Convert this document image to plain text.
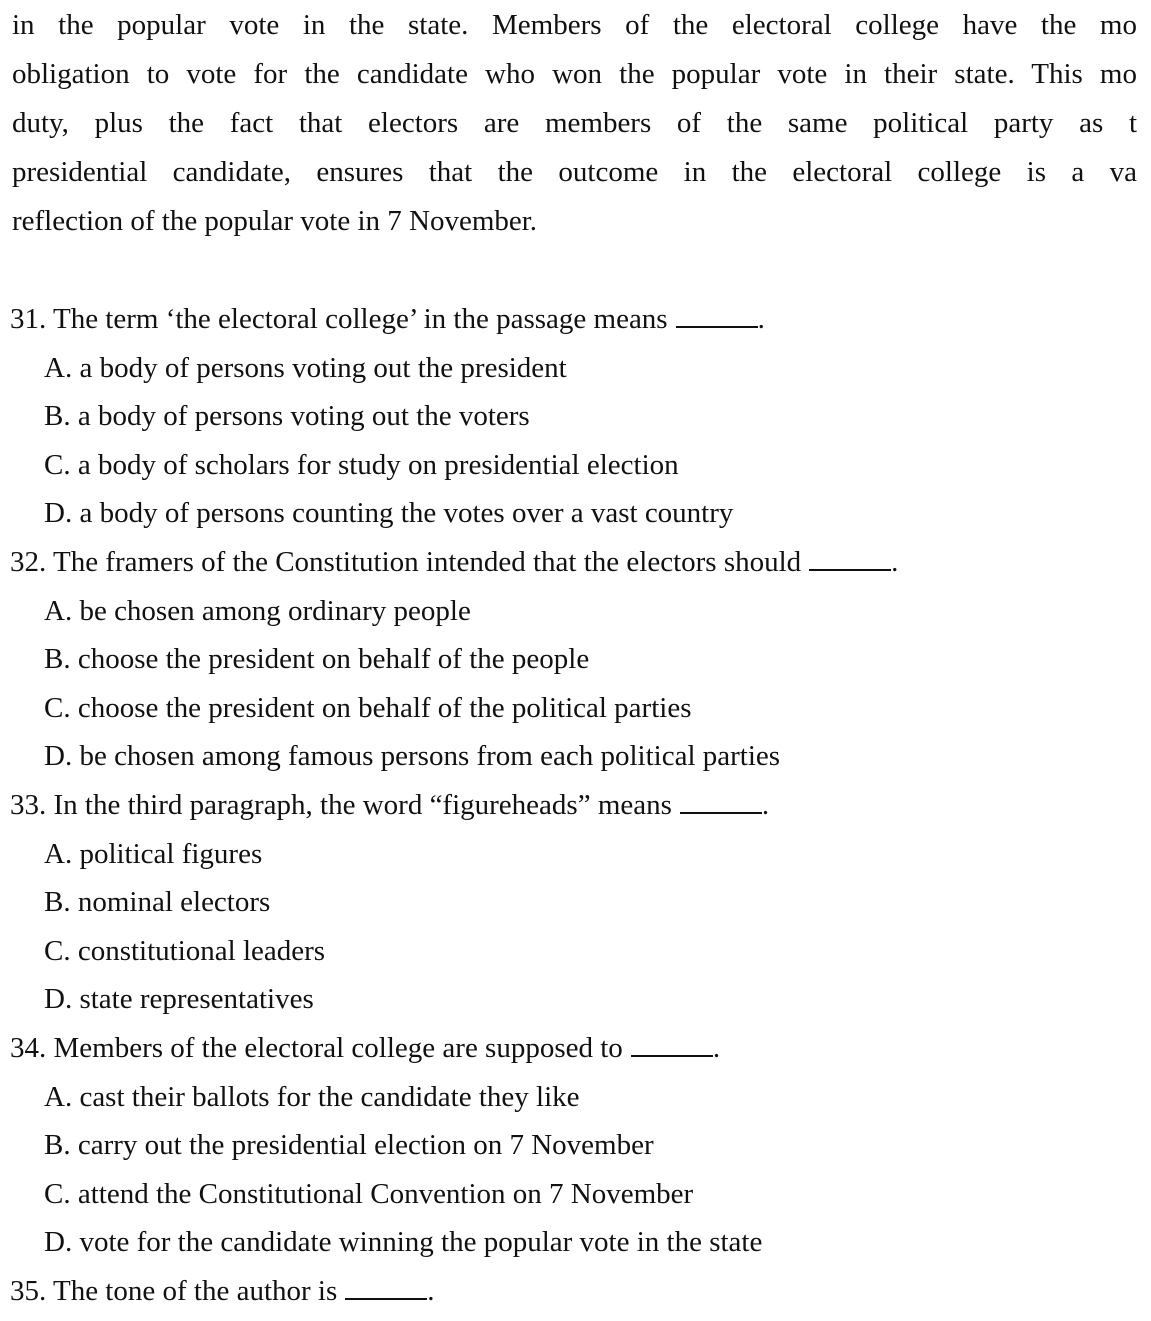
in the popular vote in the state. Members of the electoral college have the mo
obligation to vote for the candidate who won the popular vote in their state. This mo
duty, plus the fact that electors are members of the same political party as t
presidential candidate, ensures that the outcome in the electoral college is a va
reflection of the popular vote in 7 November.
31. The term ‘the electoral college’ in the passage means	.
A. a body of persons voting out the president
B. a body of persons voting out the voters
C. a body of scholars for study on presidential election
D. a body of persons counting the votes over a vast country
32. The framers of the Constitution intended that the electors should	.
A. be chosen among ordinary people
B. choose the president on behalf of the people
C. choose the president on behalf of the political parties
D. be chosen among famous persons from each political parties
33. In the third paragraph, the word “figureheads” means	.
A. political figures
B. nominal electors
C. constitutional leaders
D. state representatives
34. Members of the electoral college are supposed to	.
A. cast their ballots for the candidate they like
B. carry out the presidential election on 7 November
C. attend the Constitutional Convention on 7 November
D. vote for the candidate winning the popular vote in the state
35. The tone of the author is	.
